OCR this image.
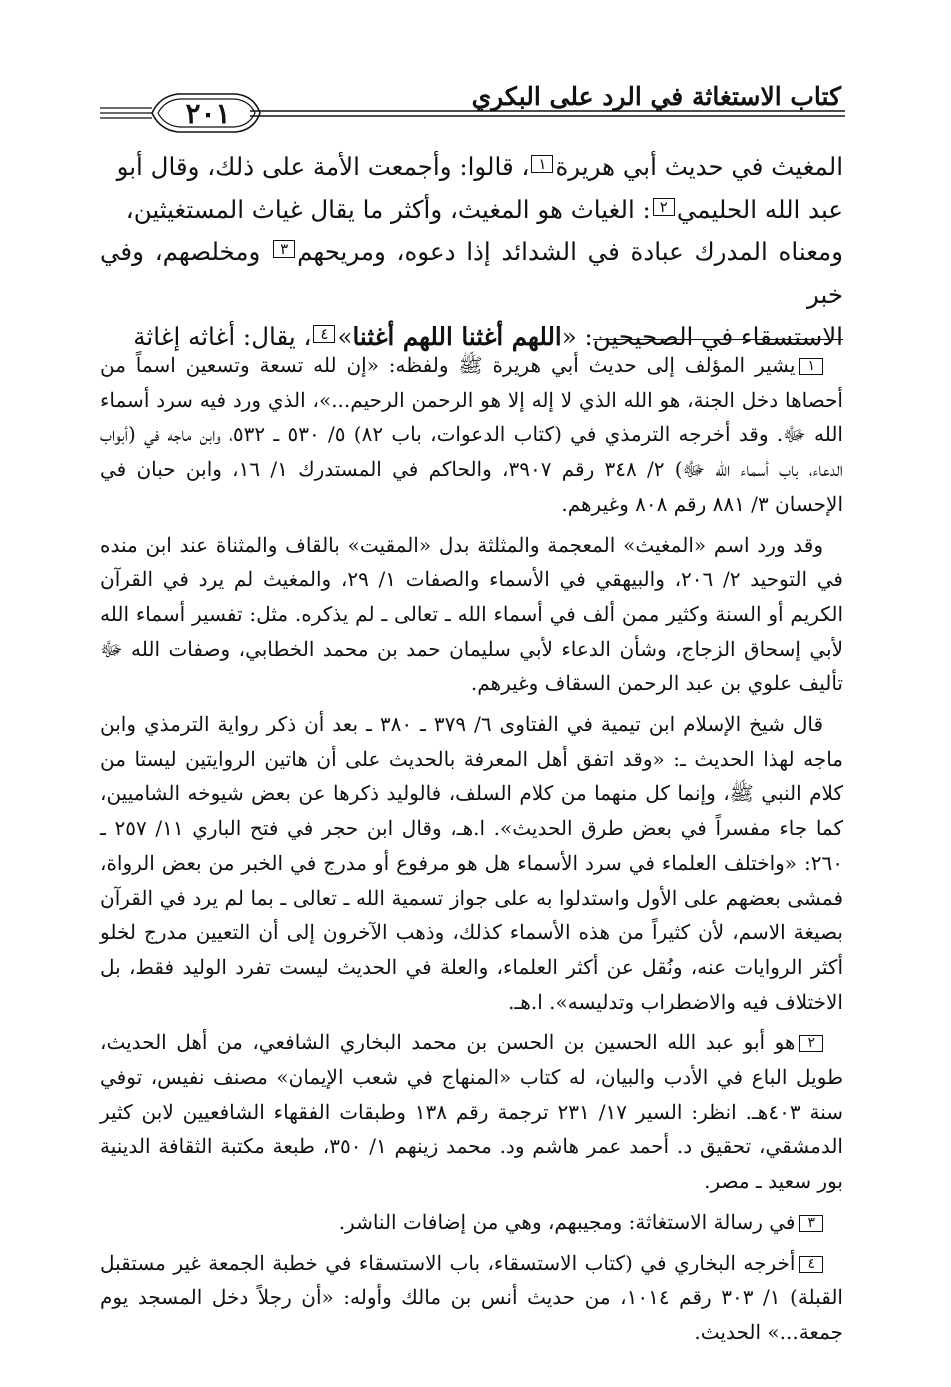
كتاب الاستغاثة في الرد على البكري
٢٠١

المغيث في حديث أبي هريرة١، قالوا: وأجمعت الأمة على ذلك، وقال أبو

عبد الله الحليمي٢: الغياث هو المغيث، وأكثر ما يقال غياث المستغيثين،

ومعناه المدرك عبادة في الشدائد إذا دعوه، ومريحهم٣ ومخلصهم، وفي خبر

الاستسقاء في الصحيحين: «اللهم أغثنا اللهم أغثنا»٤، يقال: أغاثه إغاثة

١يشير المؤلف إلى حديث أبي هريرة ﷺ ولفظه: «إن لله تسعة وتسعين اسماً من أحصاها دخل الجنة، هو الله الذي لا إله إلا هو الرحمن الرحيم...»، الذي ورد فيه سرد أسماء الله ﷻ. وقد أخرجه الترمذي في (كتاب الدعوات، باب ٨٢) ٥/ ٥٣٠ ـ ٥٣٢، وابن ماجه في (أبواب الدعاء، باب أسماء الله ﷻ) ٢/ ٣٤٨ رقم ٣٩٠٧، والحاكم في المستدرك ١/ ١٦، وابن حبان في الإحسان ٣/ ٨٨١ رقم ٨٠٨ وغيرهم.

وقد ورد اسم «المغيث» المعجمة والمثلثة بدل «المقيت» بالقاف والمثناة عند ابن منده في التوحيد ٢/ ٢٠٦، والبيهقي في الأسماء والصفات ١/ ٢٩، والمغيث لم يرد في القرآن الكريم أو السنة وكثير ممن ألف في أسماء الله ـ تعالى ـ لم يذكره. مثل: تفسير أسماء الله لأبي إسحاق الزجاج، وشأن الدعاء لأبي سليمان حمد بن محمد الخطابي، وصفات الله ﷻ تأليف علوي بن عبد الرحمن السقاف وغيرهم.

قال شيخ الإسلام ابن تيمية في الفتاوى ٦/ ٣٧٩ ـ ٣٨٠ ـ بعد أن ذكر رواية الترمذي وابن ماجه لهذا الحديث ـ: «وقد اتفق أهل المعرفة بالحديث على أن هاتين الروايتين ليستا من كلام النبي ﷺ، وإنما كل منهما من كلام السلف، فالوليد ذكرها عن بعض شيوخه الشاميين، كما جاء مفسراً في بعض طرق الحديث». ا.هـ، وقال ابن حجر في فتح الباري ١١/ ٢٥٧ ـ ٢٦٠: «واختلف العلماء في سرد الأسماء هل هو مرفوع أو مدرج في الخبر من بعض الرواة، فمشى بعضهم على الأول واستدلوا به على جواز تسمية الله ـ تعالى ـ بما لم يرد في القرآن بصيغة الاسم، لأن كثيراً من هذه الأسماء كذلك، وذهب الآخرون إلى أن التعيين مدرج لخلو أكثر الروايات عنه، ونُقل عن أكثر العلماء، والعلة في الحديث ليست تفرد الوليد فقط، بل الاختلاف فيه والاضطراب وتدليسه». ا.هـ.

٢هو أبو عبد الله الحسين بن الحسن بن محمد البخاري الشافعي، من أهل الحديث، طويل الباع في الأدب والبيان، له كتاب «المنهاج في شعب الإيمان» مصنف نفيس، توفي سنة ٤٠٣هـ. انظر: السير ١٧/ ٢٣١ ترجمة رقم ١٣٨ وطبقات الفقهاء الشافعيين لابن كثير الدمشقي، تحقيق د. أحمد عمر هاشم ود. محمد زينهم ١/ ٣٥٠، طبعة مكتبة الثقافة الدينية بور سعيد ـ مصر.

٣في رسالة الاستغاثة: ومجيبهم، وهي من إضافات الناشر.

٤أخرجه البخاري في (كتاب الاستسقاء، باب الاستسقاء في خطبة الجمعة غير مستقبل القبلة) ١/ ٣٠٣ رقم ١٠١٤، من حديث أنس بن مالك وأوله: «أن رجلاً دخل المسجد يوم جمعة...» الحديث.
